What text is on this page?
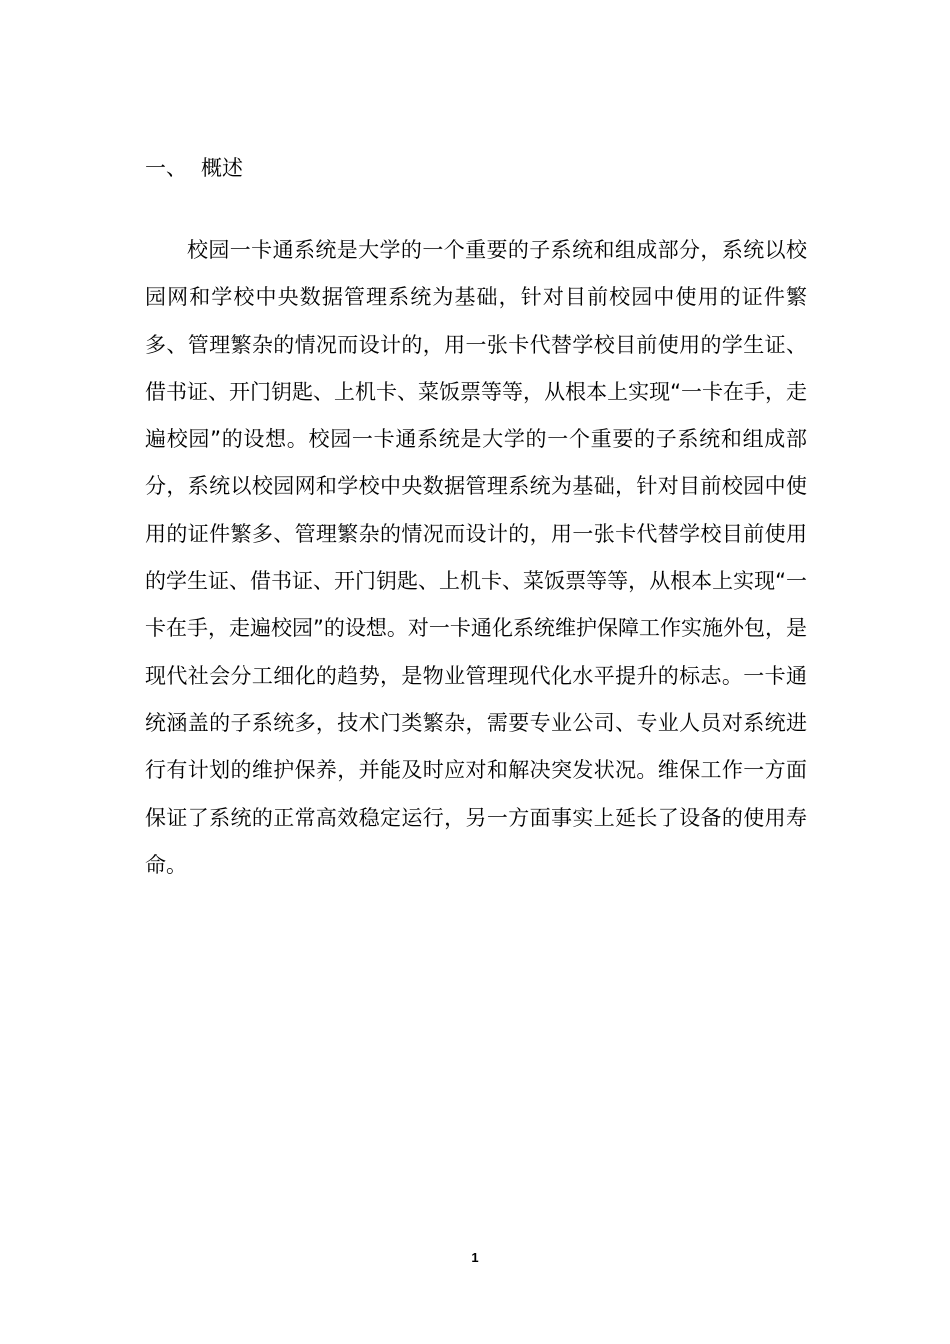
一、 概述

校园一卡通系统是大学的一个重要的子系统和组成部分，系统以校园网和学校中央数据管理系统为基础，针对目前校园中使用的证件繁多、管理繁杂的情况而设计的，用一张卡代替学校目前使用的学生证、借书证、开门钥匙、上机卡、菜饭票等等，从根本上实现“一卡在手，走遍校园”的设想。校园一卡通系统是大学的一个重要的子系统和组成部分，系统以校园网和学校中央数据管理系统为基础，针对目前校园中使用的证件繁多、管理繁杂的情况而设计的，用一张卡代替学校目前使用的学生证、借书证、开门钥匙、上机卡、菜饭票等等，从根本上实现“一卡在手，走遍校园”的设想。对一卡通化系统维护保障工作实施外包，是现代社会分工细化的趋势，是物业管理现代化水平提升的标志。一卡通统涵盖的子系统多，技术门类繁杂，需要专业公司、专业人员对系统进行有计划的维护保养，并能及时应对和解决突发状况。维保工作一方面保证了系统的正常高效稳定运行，另一方面事实上延长了设备的使用寿命。

1
